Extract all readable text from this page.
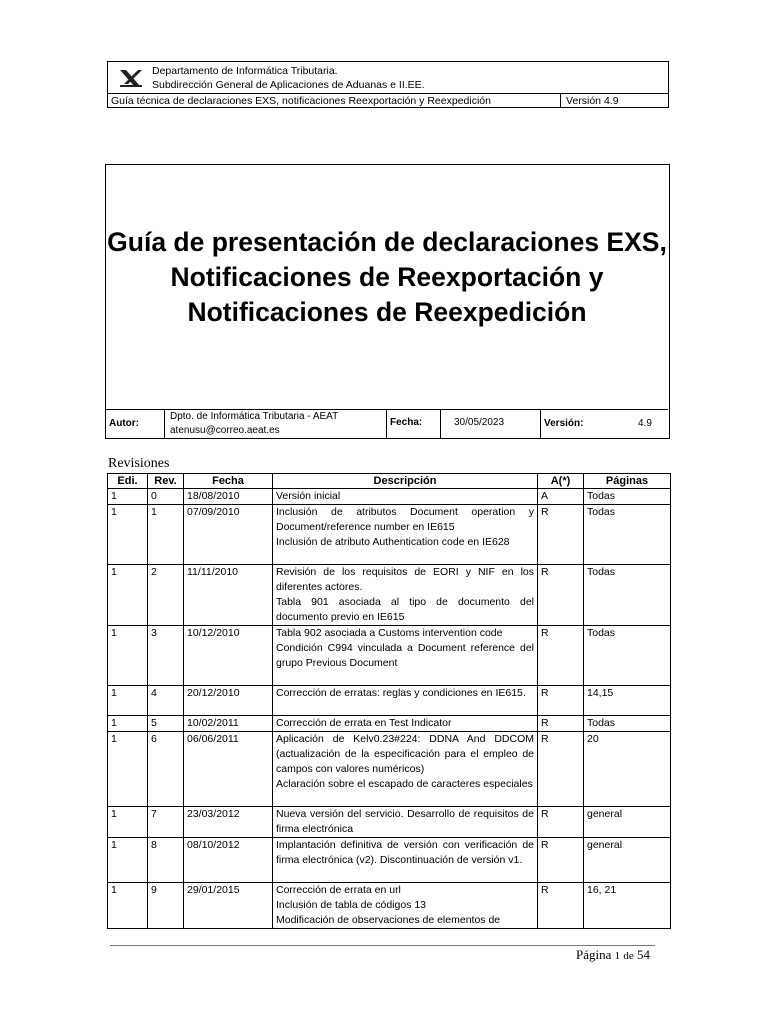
Departamento de Informática Tributaria.
Subdirección General de Aplicaciones de Aduanas e II.EE.
Guía técnica de declaraciones EXS, notificaciones Reexportación y Reexpedición	Versión 4.9
Guía de presentación de declaraciones EXS,
Notificaciones de Reexportación y
Notificaciones de Reexpedición
Autor:
Dpto. de Informática Tributaria - AEAT
atenusu@correo.aeat.es
Fecha:	30/05/2023	Versión:	4.9
Revisiones
Edi.	Rev.	Fecha	Descripción	A(*)	Páginas
1	0	18/08/2010	Versión inicial	A	Todas
1	1	07/09/2010	Inclusión de atributos Document operation y Document/reference number en IE615
Inclusión de atributo Authentication code en IE628	R	Todas
1	2	11/11/2010	Revisión de los requisitos de EORI y NIF en los diferentes actores.
Tabla 901 asociada al tipo de documento del documento previo en IE615	R	Todas
1	3	10/12/2010	Tabla 902 asociada a Customs intervention code
Condición C994 vinculada a Document reference del grupo Previous Document	R	Todas
1	4	20/12/2010	Corrección de erratas: reglas y condiciones en IE615.	R	14,15
1	5	10/02/2011	Corrección de errata en Test Indicator	R	Todas
1	6	06/06/2011	Aplicación de Kelv0.23#224: DDNA And DDCOM (actualización de la especificación para el empleo de campos con valores numéricos)
Aclaración sobre el escapado de caracteres especiales	R	20
1	7	23/03/2012	Nueva versión del servicio. Desarrollo de requisitos de firma electrónica	R	general
1	8	08/10/2012	Implantación definitiva de versión con verificación de firma electrónica (v2). Discontinuación de versión v1.	R	general
1	9	29/01/2015	Corrección de errata en url
Inclusión de tabla de códigos 13
Modificación de observaciones de elementos de	R	16, 21
Página 1 de 54
